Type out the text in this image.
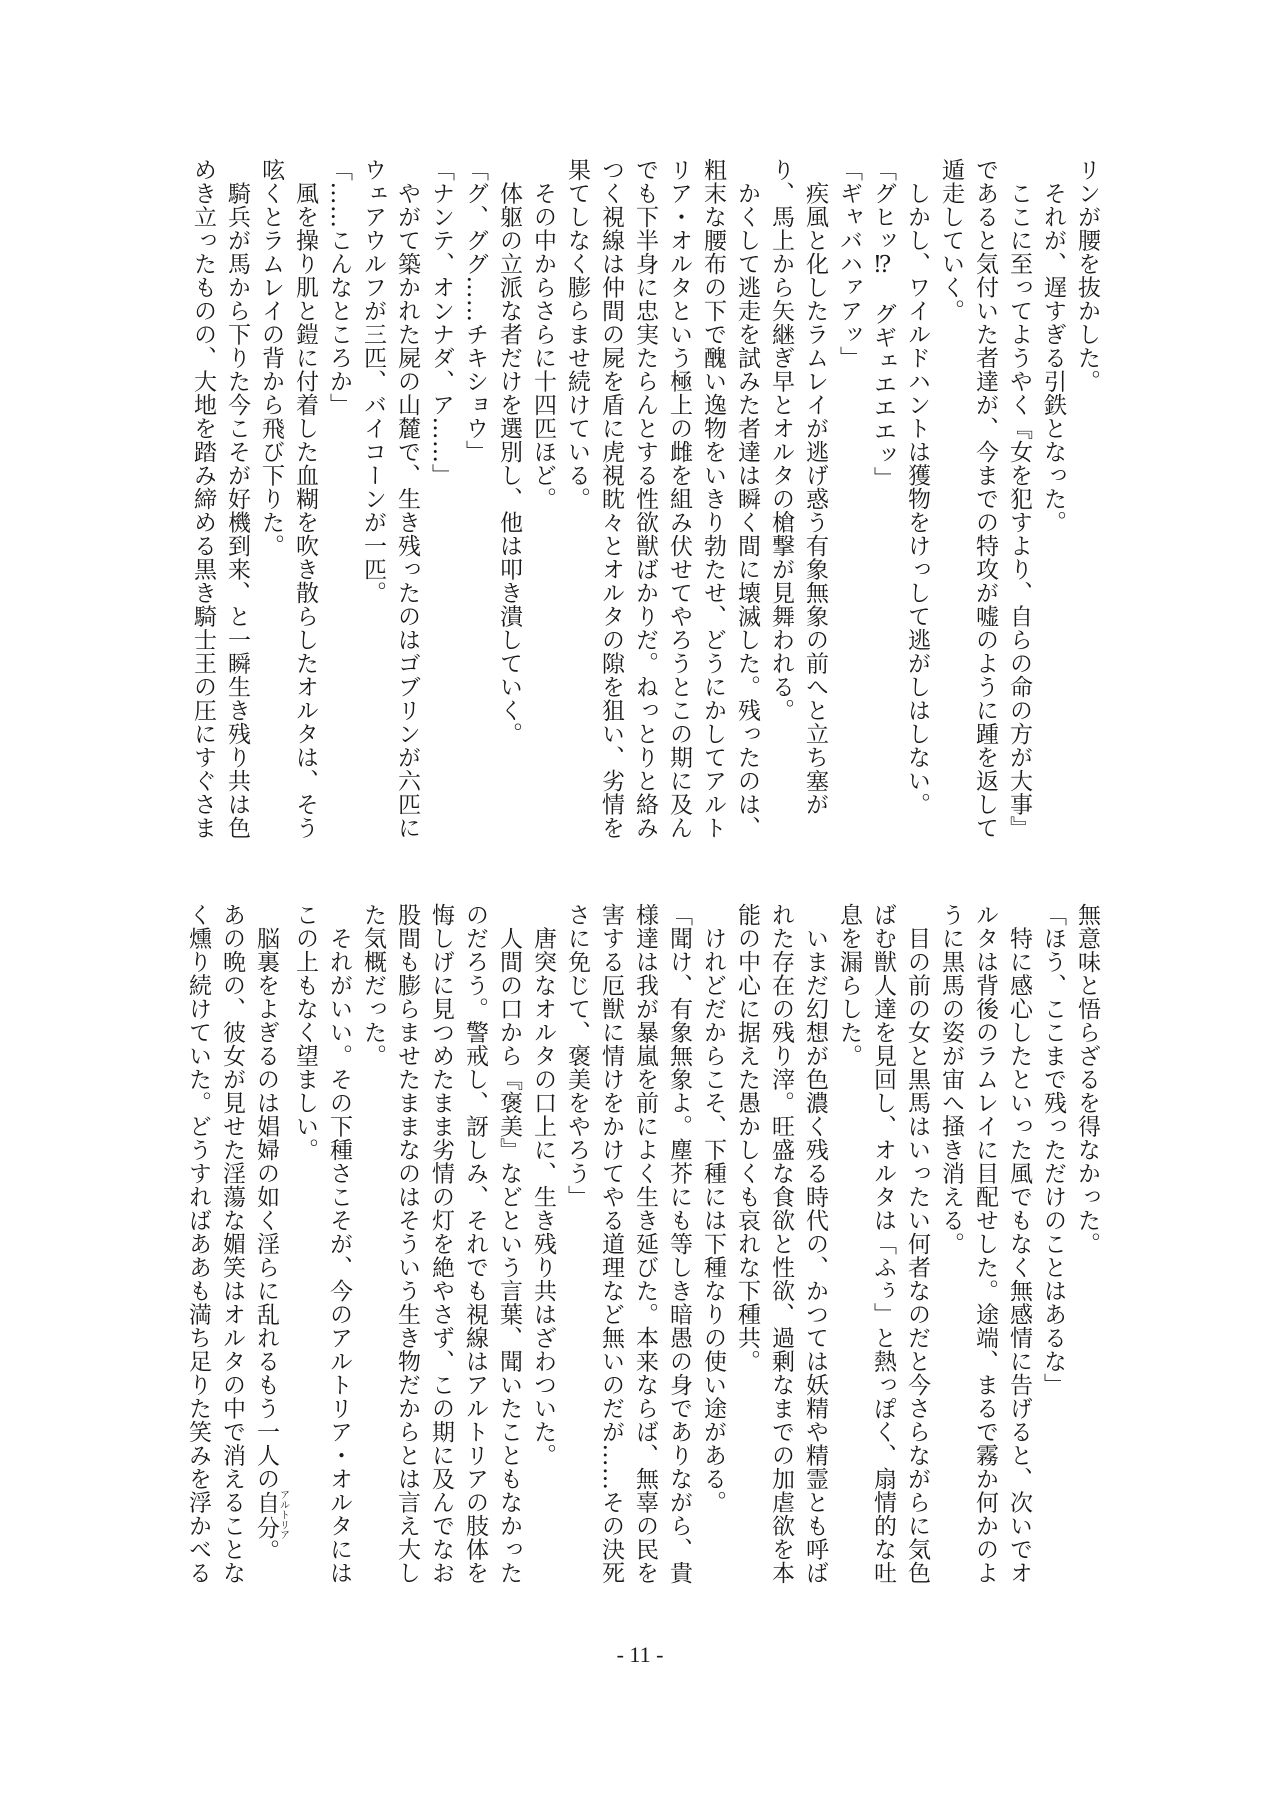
リンが腰を抜かした。
　それが、遅すぎる引鉄となった。
　ここに至ってようやく『女を犯すより、自らの命の方が大事』
であると気付いた者達が、今までの特攻が嘘のように踵を返して
遁走していく。
　しかし、ワイルドハントは獲物をけっして逃がしはしない。
「グヒッ⁉　グギェエエエッ」
「ギャバハァアッ」
　疾風と化したラムレイが逃げ惑う有象無象の前へと立ち塞が
り、馬上から矢継ぎ早とオルタの槍撃が見舞われる。
　かくして逃走を試みた者達は瞬く間に壊滅した。残ったのは、
粗末な腰布の下で醜い逸物をいきり勃たせ、どうにかしてアルト
リア・オルタという極上の雌を組み伏せてやろうとこの期に及ん
でも下半身に忠実たらんとする性欲獣ばかりだ。ねっとりと絡み
つく視線は仲間の屍を盾に虎視眈々とオルタの隙を狙い、劣情を
果てしなく膨らませ続けている。
　その中からさらに十四匹ほど。
　体躯の立派な者だけを選別し、他は叩き潰していく。
「グ、ググ……チキショウ」
「ナンテ、オンナダ、ア……」
　やがて築かれた屍の山麓で、生き残ったのはゴブリンが六匹に
ウェアウルフが三匹、バイコーンが一匹。
「……こんなところか」
　風を操り肌と鎧に付着した血糊を吹き散らしたオルタは、そう
呟くとラムレイの背から飛び下りた。
　騎兵が馬から下りた今こそが好機到来、と一瞬生き残り共は色
めき立ったものの、大地を踏み締める黒き騎士王の圧にすぐさま
無意味と悟らざるを得なかった。
「ほう、ここまで残っただけのことはあるな」
　特に感心したといった風でもなく無感情に告げると、次いでオ
ルタは背後のラムレイに目配せした。途端、まるで霧か何かのよ
うに黒馬の姿が宙へ掻き消える。
　目の前の女と黒馬はいったい何者なのだと今さらながらに気色
ばむ獣人達を見回し、オルタは「ふぅ」と熱っぽく、扇情的な吐
息を漏らした。
　いまだ幻想が色濃く残る時代の、かつては妖精や精霊とも呼ば
れた存在の残り滓。旺盛な食欲と性欲、過剰なまでの加虐欲を本
能の中心に据えた愚かしくも哀れな下種共。
　けれどだからこそ、下種には下種なりの使い途がある。
「聞け、有象無象よ。塵芥にも等しき暗愚の身でありながら、貴
様達は我が暴嵐を前によく生き延びた。本来ならば、無辜の民を
害する厄獣に情けをかけてやる道理など無いのだが……その決死
さに免じて、褒美をやろう」
　唐突なオルタの口上に、生き残り共はざわついた。
　人間の口から『褒美』などという言葉、聞いたこともなかった
のだろう。警戒し、訝しみ、それでも視線はアルトリアの肢体を
悔しげに見つめたまま劣情の灯を絶やさず、この期に及んでなお
股間も膨らませたままなのはそういう生き物だからとは言え大し
た気概だった。
　それがいい。その下種さこそが、今のアルトリア・オルタには
この上もなく望ましい。
　脳裏をよぎるのは娼婦の如く淫らに乱れるもう一人の自分アルトリア。
あの晩の、彼女が見せた淫蕩な媚笑はオルタの中で消えることな
く燻り続けていた。どうすればああも満ち足りた笑みを浮かべる
- 11 -
